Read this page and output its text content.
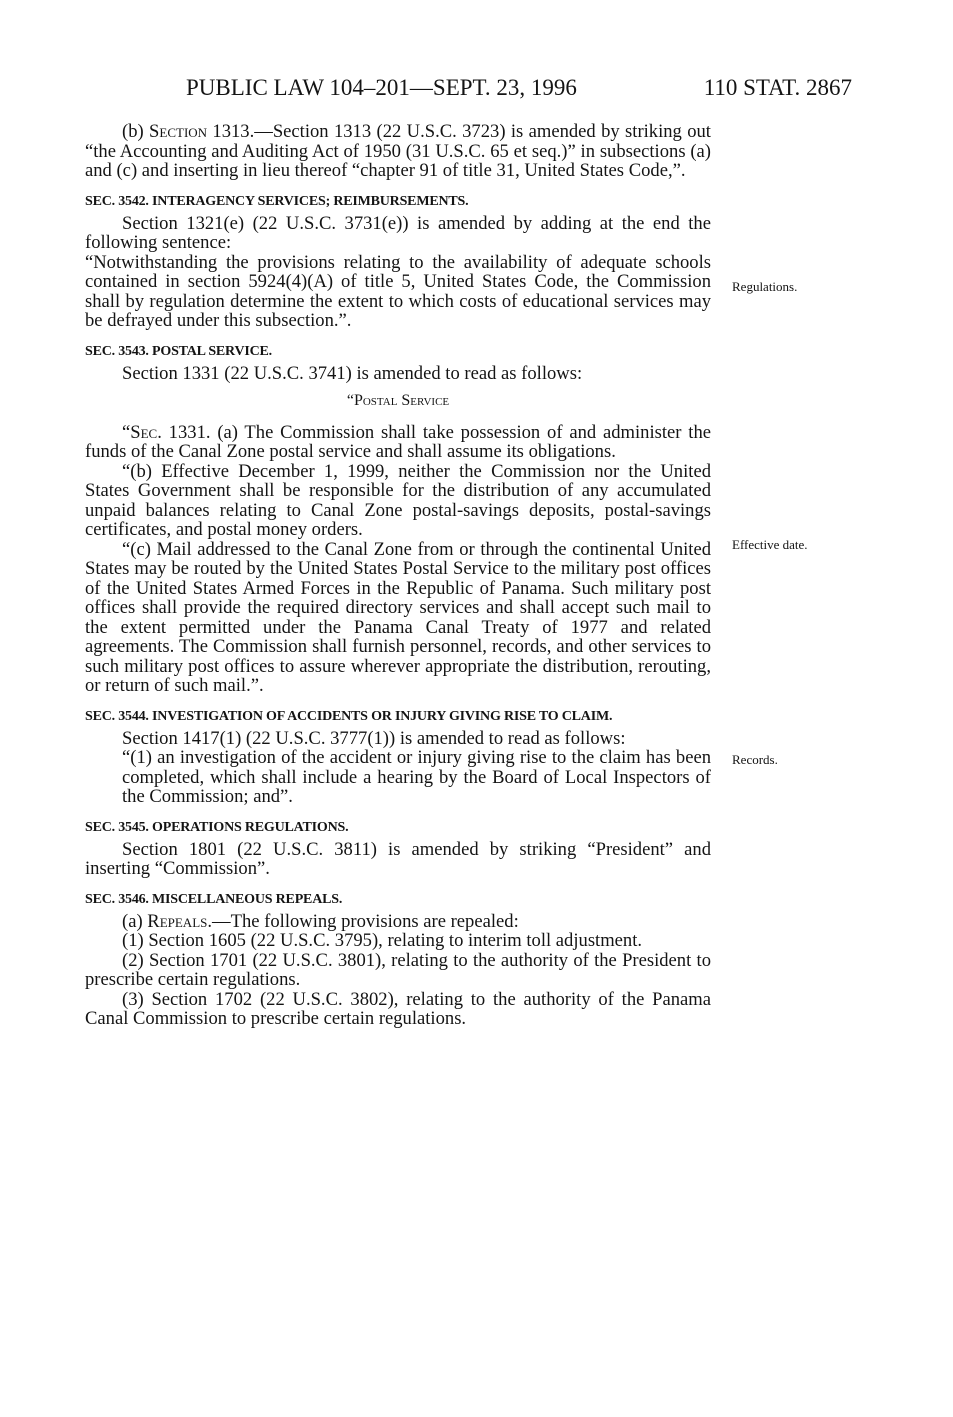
PUBLIC LAW 104–201—SEPT. 23, 1996	110 STAT. 2867

(b) Section 1313.—Section 1313 (22 U.S.C. 3723) is amended by striking out “the Accounting and Auditing Act of 1950 (31 U.S.C. 65 et seq.)” in subsections (a) and (c) and inserting in lieu thereof “chapter 91 of title 31, United States Code,”.

SEC. 3542. INTERAGENCY SERVICES; REIMBURSEMENTS.

Section 1321(e) (22 U.S.C. 3731(e)) is amended by adding at the end the following sentence:

“Notwithstanding the provisions relating to the availability of adequate schools contained in section 5924(4)(A) of title 5, United States Code, the Commission shall by regulation determine the extent to which costs of educational services may be defrayed under this subsection.”.

SEC. 3543. POSTAL SERVICE.

Section 1331 (22 U.S.C. 3741) is amended to read as follows:

“Postal Service

“Sec. 1331. (a) The Commission shall take possession of and administer the funds of the Canal Zone postal service and shall assume its obligations.

“(b) Effective December 1, 1999, neither the Commission nor the United States Government shall be responsible for the distribution of any accumulated unpaid balances relating to Canal Zone postal-savings deposits, postal-savings certificates, and postal money orders.

“(c) Mail addressed to the Canal Zone from or through the continental United States may be routed by the United States Postal Service to the military post offices of the United States Armed Forces in the Republic of Panama. Such military post offices shall provide the required directory services and shall accept such mail to the extent permitted under the Panama Canal Treaty of 1977 and related agreements. The Commission shall furnish personnel, records, and other services to such military post offices to assure wherever appropriate the distribution, rerouting, or return of such mail.”.

SEC. 3544. INVESTIGATION OF ACCIDENTS OR INJURY GIVING RISE TO CLAIM.

Section 1417(1) (22 U.S.C. 3777(1)) is amended to read as follows:

“(1) an investigation of the accident or injury giving rise to the claim has been completed, which shall include a hearing by the Board of Local Inspectors of the Commission; and”.

SEC. 3545. OPERATIONS REGULATIONS.

Section 1801 (22 U.S.C. 3811) is amended by striking “President” and inserting “Commission”.

SEC. 3546. MISCELLANEOUS REPEALS.

(a) Repeals.—The following provisions are repealed:

(1) Section 1605 (22 U.S.C. 3795), relating to interim toll adjustment.

(2) Section 1701 (22 U.S.C. 3801), relating to the authority of the President to prescribe certain regulations.

(3) Section 1702 (22 U.S.C. 3802), relating to the authority of the Panama Canal Commission to prescribe certain regulations.

Regulations.
Effective date.
Records.
